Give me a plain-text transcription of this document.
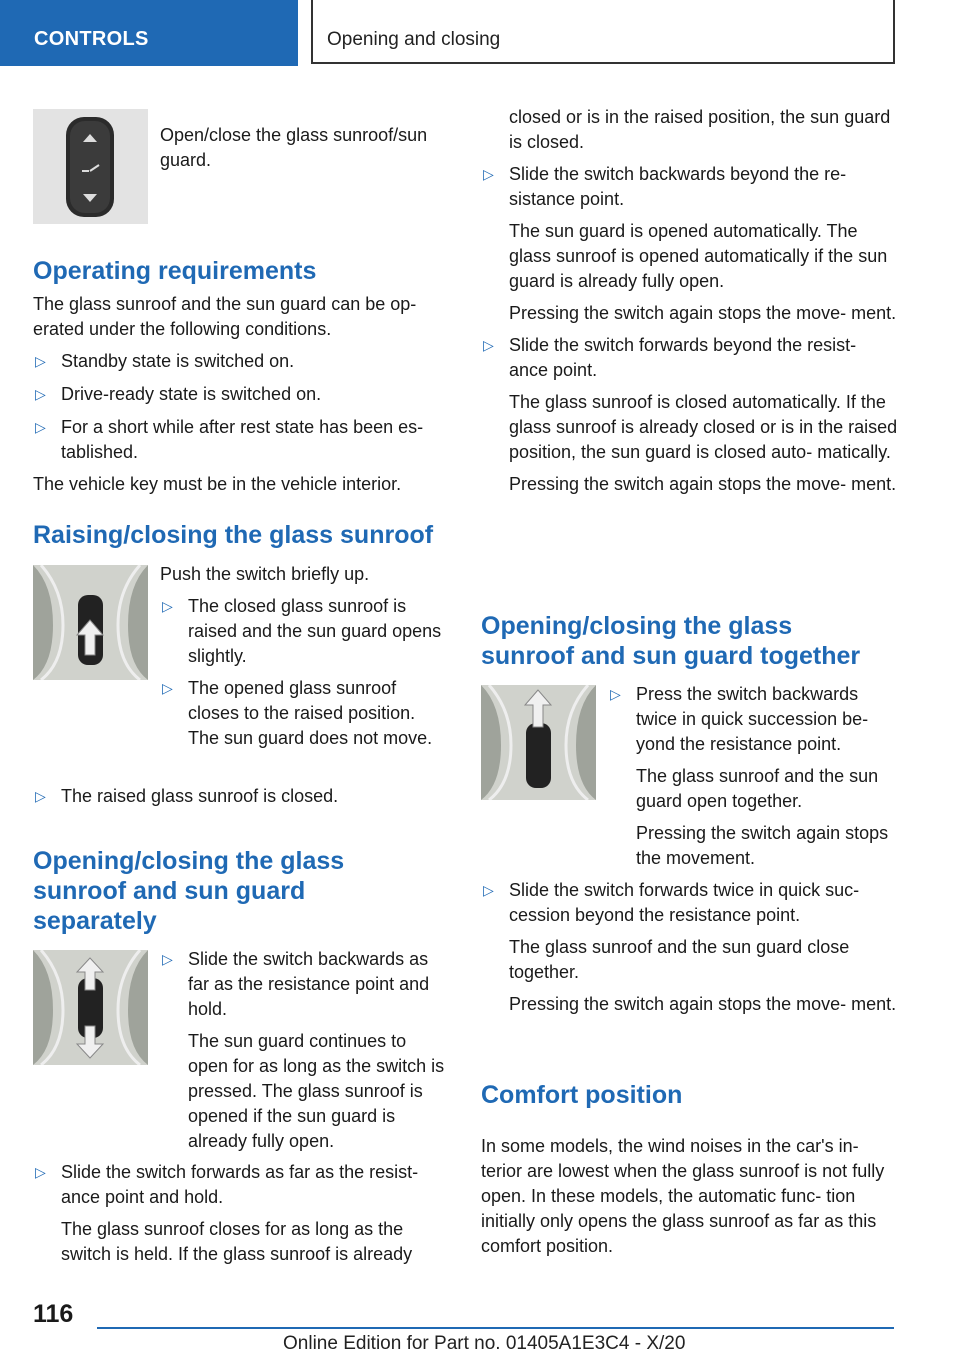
CONTROLS	Opening and closing

Open/close the glass sunroof/sun guard.

Operating requirements

The glass sunroof and the sun guard can be op‐ erated under the following conditions.

▷ Standby state is switched on.
▷ Drive-ready state is switched on.
▷ For a short while after rest state has been es‐ tablished.

The vehicle key must be in the vehicle interior.

Raising/closing the glass sunroof

Push the switch briefly up.

▷ The closed glass sunroof is raised and the sun guard opens slightly.
▷ The opened glass sunroof closes to the raised position. The sun guard does not move.
▷ The raised glass sunroof is closed.
Opening/closing the glass sunroof and sun guard separately
▷ Slide the switch backwards as far as the resistance point and hold.

The sun guard continues to open for as long as the switch is pressed. The glass sunroof is opened if the sun guard is already fully open.

▷ Slide the switch forwards as far as the resist‐ ance point and hold.

The glass sunroof closes for as long as the switch is held. If the glass sunroof is already

closed or is in the raised position, the sun guard is closed.

▷ Slide the switch backwards beyond the re‐ sistance point.

The sun guard is opened automatically. The glass sunroof is opened automatically if the sun guard is already fully open.

Pressing the switch again stops the move‐ ment.

▷ Slide the switch forwards beyond the resist‐ ance point.

The glass sunroof is closed automatically. If the glass sunroof is already closed or is in the raised position, the sun guard is closed auto‐ matically.

Pressing the switch again stops the move‐ ment.

Opening/closing the glass sunroof and sun guard together
▷ Press the switch backwards twice in quick succession be‐ yond the resistance point.

The glass sunroof and the sun guard open together.

Pressing the switch again stops the movement.

▷ Slide the switch forwards twice in quick suc‐ cession beyond the resistance point.

The glass sunroof and the sun guard close together.

Pressing the switch again stops the move‐ ment.

Comfort position

In some models, the wind noises in the car's in‐ terior are lowest when the glass sunroof is not fully open. In these models, the automatic func‐ tion initially only opens the glass sunroof as far as this comfort position.

116
Online Edition for Part no. 01405A1E3C4 - X/20
